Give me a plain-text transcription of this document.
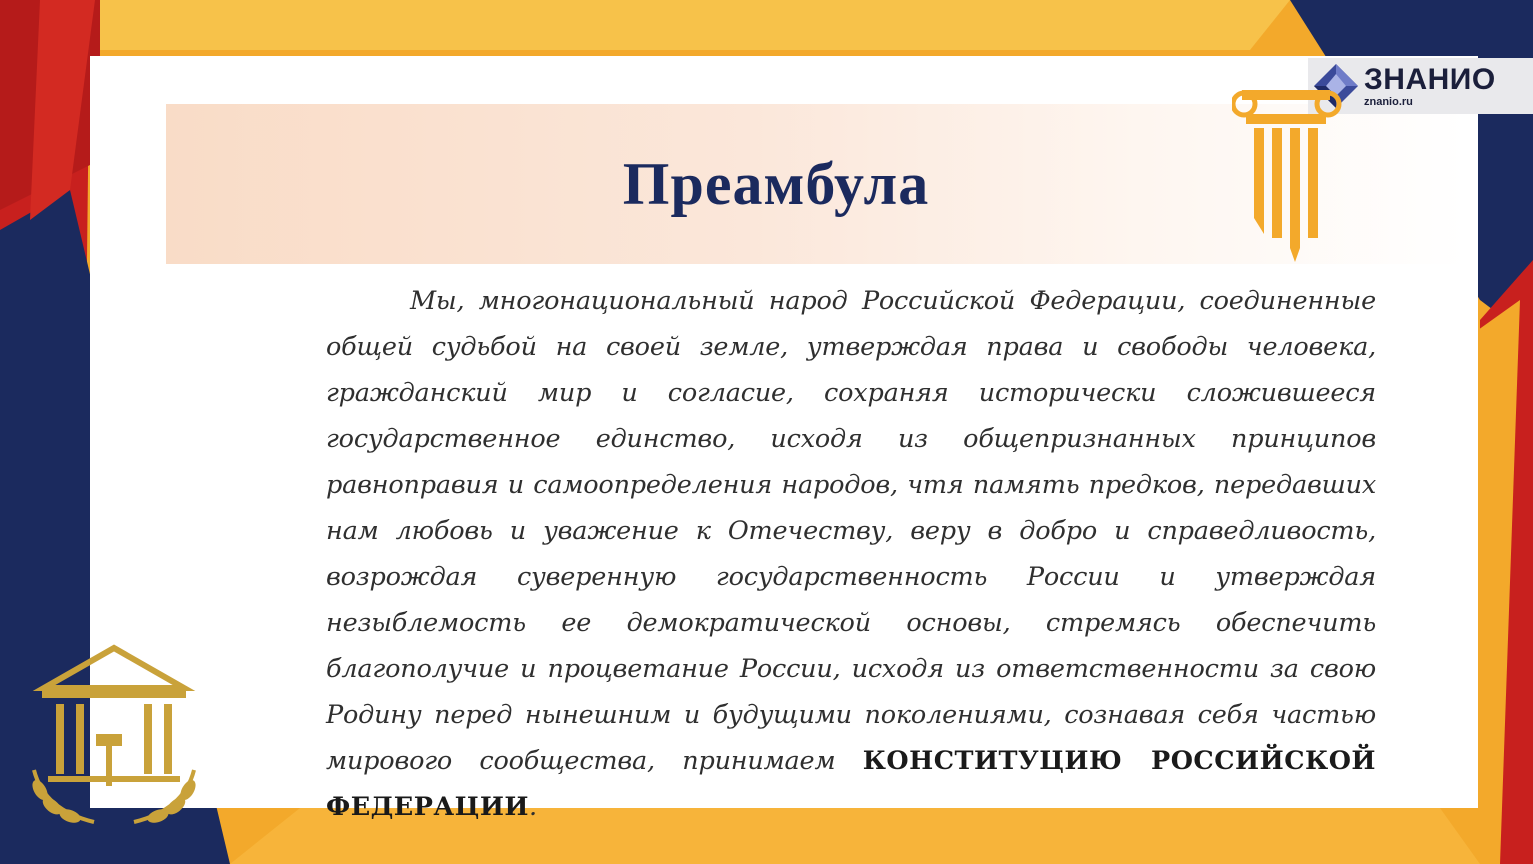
Преамбула
Мы, многонациональный народ Российской Федерации, соединенные общей судьбой на своей земле, утверждая права и свободы человека, гражданский мир и согласие, сохраняя исторически сложившееся государственное единство, исходя из общепризнанных принципов равноправия и самоопределения народов, чтя память предков, передавших нам любовь и уважение к Отечеству, веру в добро и справедливость, возрождая суверенную государственность России и утверждая незыблемость ее демократической основы, стремясь обеспечить благополучие и процветание России, исходя из ответственности за свою Родину перед нынешним и будущими поколениями, сознавая себя частью мирового сообщества, принимаем КОНСТИТУЦИЮ РОССИЙСКОЙ ФЕДЕРАЦИИ.
ЗНАНИО
znanio.ru
